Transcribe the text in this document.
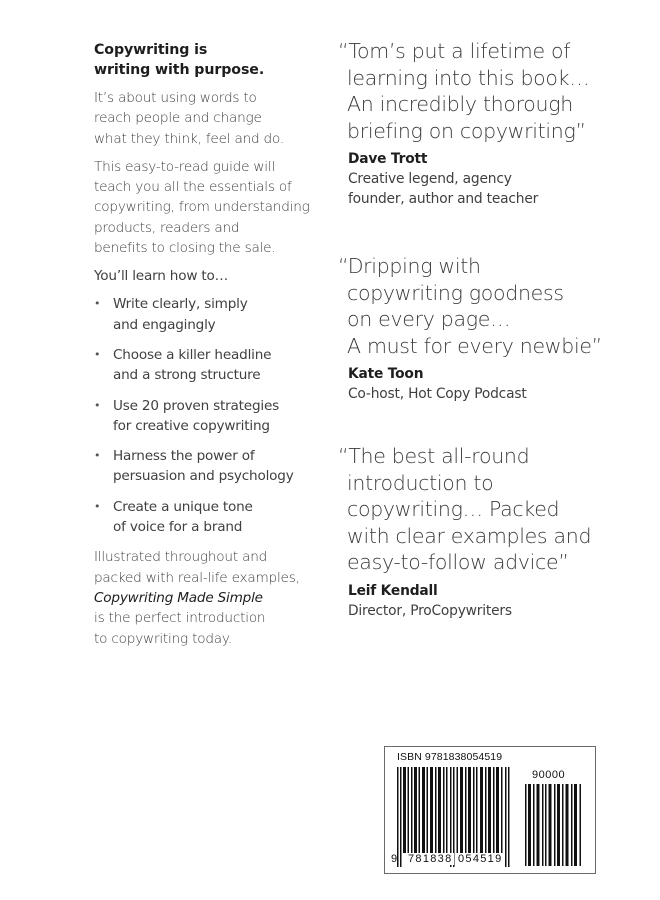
Copywriting is
writing with purpose.

It’s about using words to
reach people and change
what they think, feel and do.

This easy-to-read guide will
teach you all the essentials of
copywriting, from understanding
products, readers and
benefits to closing the sale.

You’ll learn how to…

• Write clearly, simply
and engagingly
• Choose a killer headline
and a strong structure
• Use 20 proven strategies
for creative copywriting
• Harness the power of
persuasion and psychology
• Create a unique tone
of voice for a brand

Illustrated throughout and
packed with real-life examples,
Copywriting Made Simple
is the perfect introduction
to copywriting today.

“Tom’s put a lifetime of
learning into this book…
An incredibly thorough
briefing on copywriting”

Dave Trott
Creative legend, agency
founder, author and teacher

“Dripping with
copywriting goodness
on every page…
A must for every newbie”

Kate Toon
Co-host, Hot Copy Podcast

“The best all-round
introduction to
copywriting… Packed
with clear examples and
easy-to-follow advice”

Leif Kendall
Director, ProCopywriters
ISBN 9781838054519
90000
9 781838 054519
